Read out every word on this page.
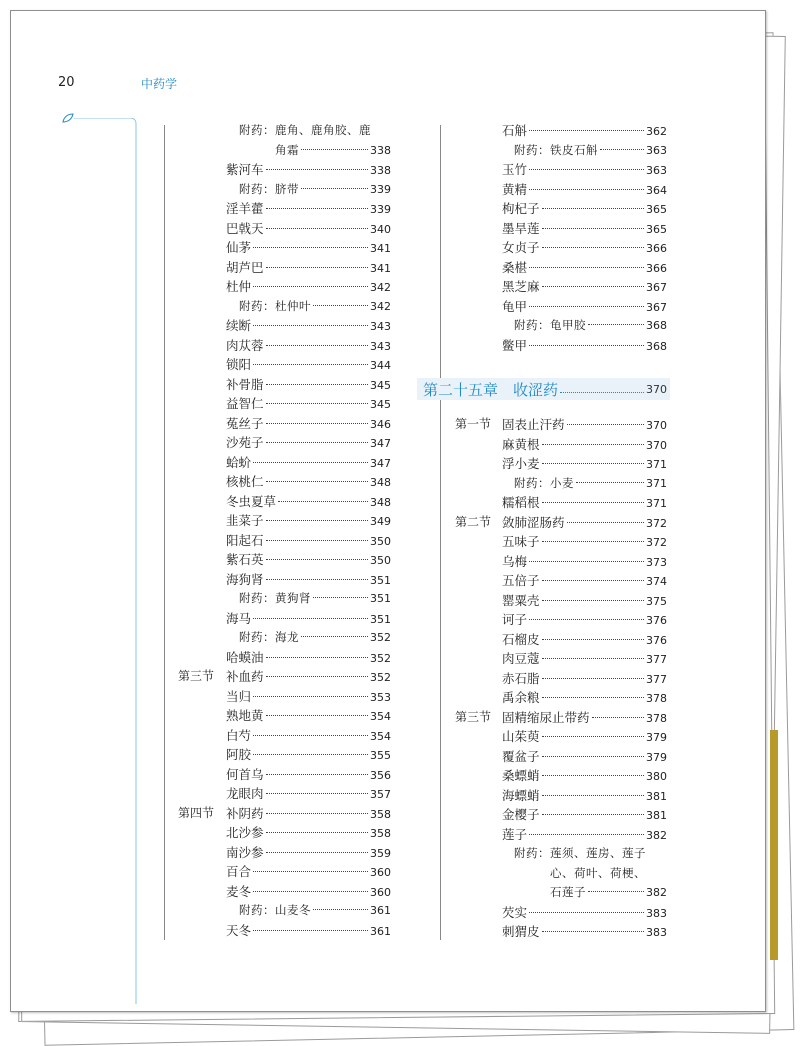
20	中药学
附药：鹿角、鹿角胶、鹿
角霜	338
紫河车	338
附药：脐带	339
淫羊藿	339
巴戟天	340
仙茅	341
胡芦巴	341
杜仲	342
附药：杜仲叶	342
续断	343
肉苁蓉	343
锁阳	344
补骨脂	345
益智仁	345
菟丝子	346
沙苑子	347
蛤蚧	347
核桃仁	348
冬虫夏草	348
韭菜子	349
阳起石	350
紫石英	350
海狗肾	351
附药：黄狗肾	351
海马	351
附药：海龙	352
哈蟆油	352
第三节 补血药	352
当归	353
熟地黄	354
白芍	354
阿胶	355
何首乌	356
龙眼肉	357
第四节 补阴药	358
北沙参	358
南沙参	359
百合	360
麦冬	360
附药：山麦冬	361
天冬	361
石斛	362
附药：铁皮石斛	363
玉竹	363
黄精	364
枸杞子	365
墨旱莲	365
女贞子	366
桑椹	366
黑芝麻	367
龟甲	367
附药：龟甲胶	368
鳖甲	368
第二十五章　收涩药	370
第一节 固表止汗药	370
麻黄根	370
浮小麦	371
附药：小麦	371
糯稻根	371
第二节 敛肺涩肠药	372
五味子	372
乌梅	373
五倍子	374
罂粟壳	375
诃子	376
石榴皮	376
肉豆蔻	377
赤石脂	377
禹余粮	378
第三节 固精缩尿止带药	378
山茱萸	379
覆盆子	379
桑螵蛸	380
海螵蛸	381
金樱子	381
莲子	382
附药：莲须、莲房、莲子
心、荷叶、荷梗、
石莲子	382
芡实	383
刺猬皮	383
